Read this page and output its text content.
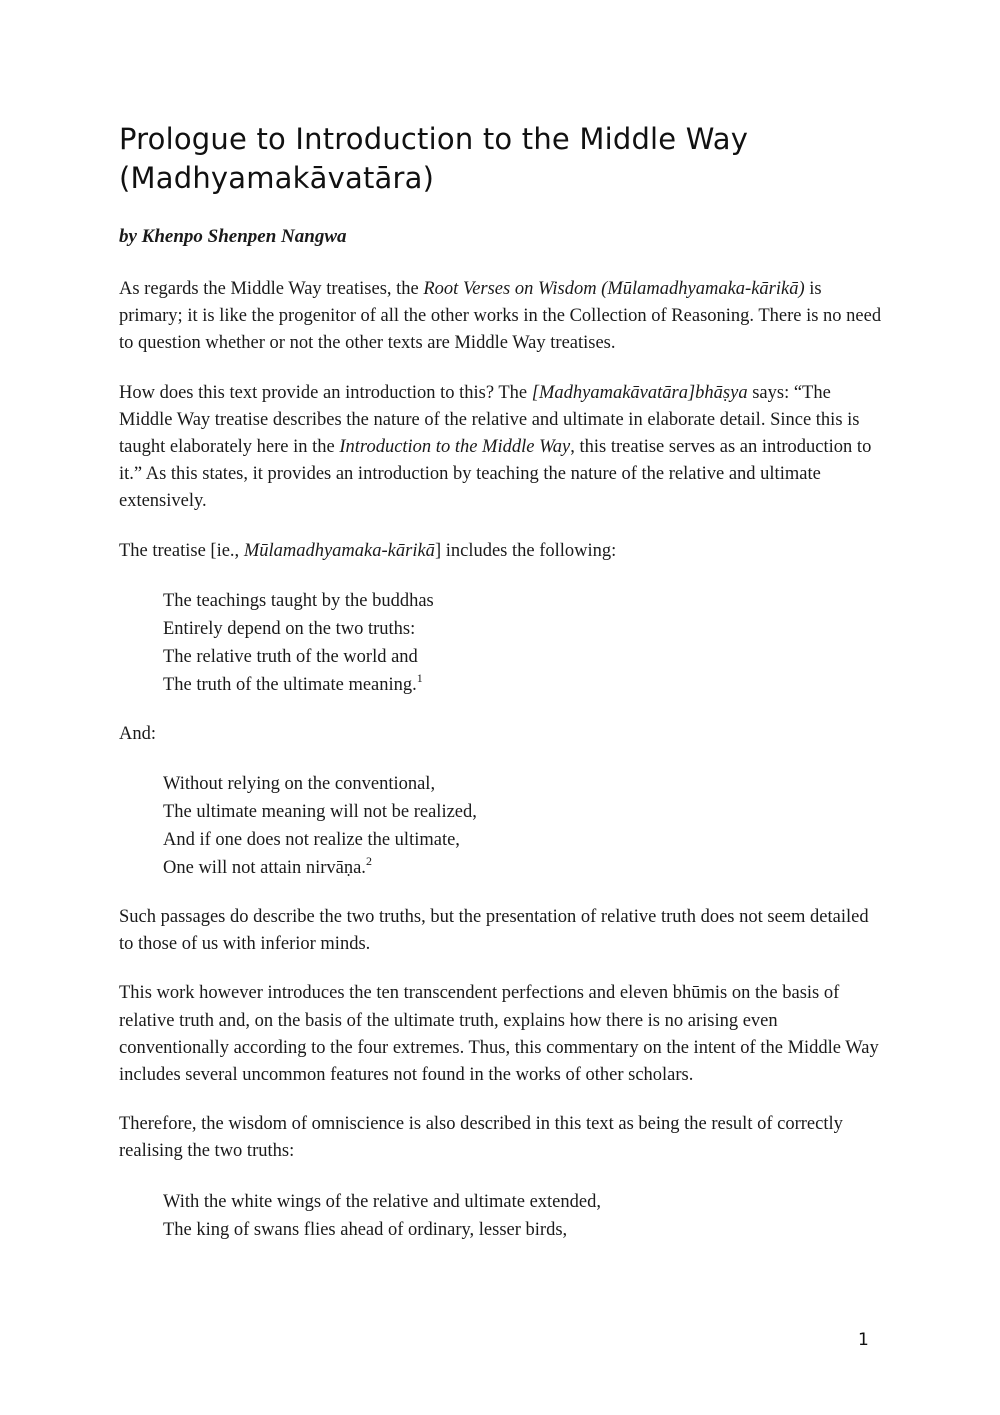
Prologue to Introduction to the Middle Way
(Madhyamakāvatāra)

by Khenpo Shenpen Nangwa

As regards the Middle Way treatises, the Root Verses on Wisdom (Mūlamadhyamaka-kārikā) is primary; it is like the progenitor of all the other works in the Collection of Reasoning. There is no need to question whether or not the other texts are Middle Way treatises.

How does this text provide an introduction to this? The [Madhyamakāvatāra]bhāṣya says: “The Middle Way treatise describes the nature of the relative and ultimate in elaborate detail. Since this is taught elaborately here in the Introduction to the Middle Way, this treatise serves as an introduction to it.” As this states, it provides an introduction by teaching the nature of the relative and ultimate extensively.

The treatise [ie., Mūlamadhyamaka-kārikā] includes the following:

The teachings taught by the buddhas
Entirely depend on the two truths:
The relative truth of the world and
The truth of the ultimate meaning.$^1$

And:

Without relying on the conventional,
The ultimate meaning will not be realized,
And if one does not realize the ultimate,
One will not attain nirvāṇa.$^2$

Such passages do describe the two truths, but the presentation of relative truth does not seem detailed to those of us with inferior minds.

This work however introduces the ten transcendent perfections and eleven bhūmis on the basis of relative truth and, on the basis of the ultimate truth, explains how there is no arising even conventionally according to the four extremes. Thus, this commentary on the intent of the Middle Way includes several uncommon features not found in the works of other scholars.

Therefore, the wisdom of omniscience is also described in this text as being the result of correctly realising the two truths:

With the white wings of the relative and ultimate extended,
The king of swans flies ahead of ordinary, lesser birds,
1
